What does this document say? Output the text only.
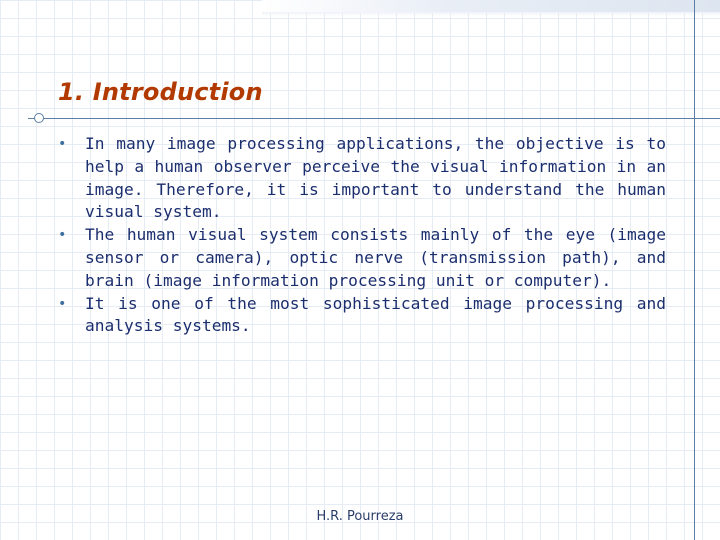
1. Introduction
• In many image processing applications, the objective is to help a human observer perceive the visual information in an image. Therefore, it is important to understand the human visual system.
• The human visual system consists mainly of the eye (image sensor or camera), optic nerve (transmission path), and brain (image information processing unit or computer).
• It is one of the most sophisticated image processing and analysis systems.
H.R. Pourreza
